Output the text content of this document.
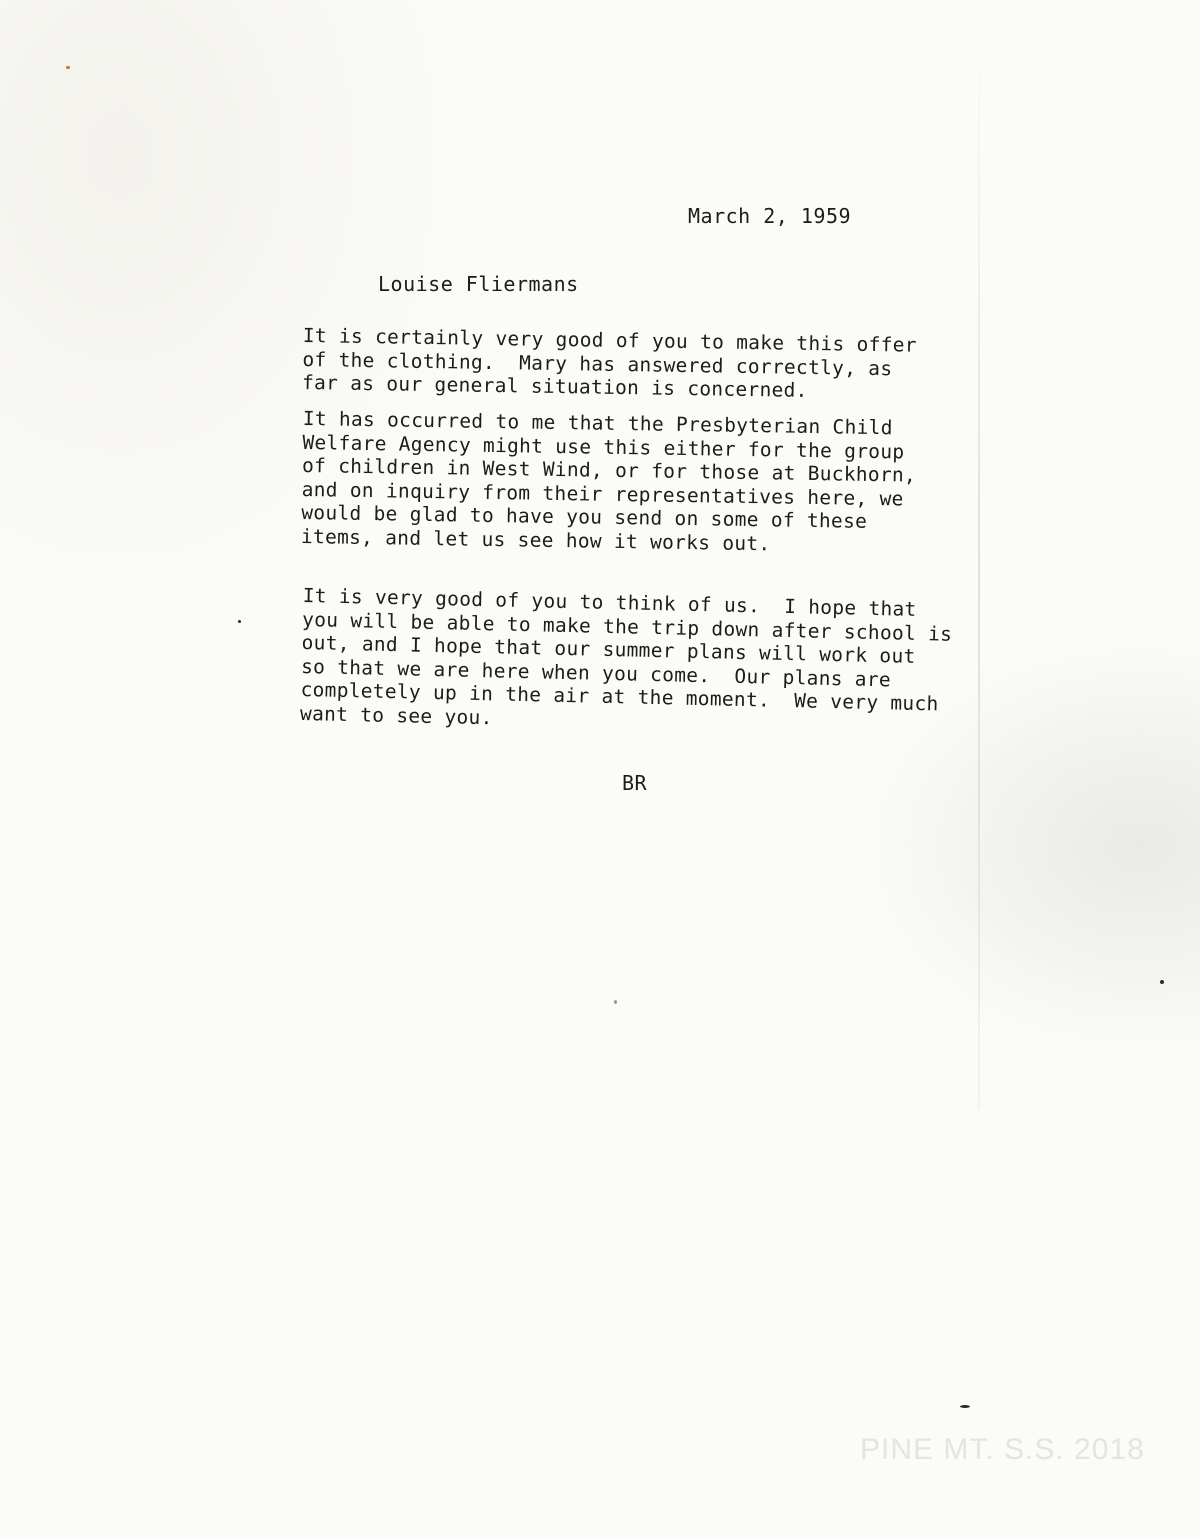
March 2, 1959
Louise Fliermans

It is certainly very good of you to make this offer
of the clothing.  Mary has answered correctly, as
far as our general situation is concerned.

It has occurred to me that the Presbyterian Child
Welfare Agency might use this either for the group
of children in West Wind, or for those at Buckhorn,
and on inquiry from their representatives here, we
would be glad to have you send on some of these
items, and let us see how it works out.

It is very good of you to think of us.  I hope that
you will be able to make the trip down after school is
out, and I hope that our summer plans will work out
so that we are here when you come.  Our plans are
completely up in the air at the moment.  We very much
want to see you.

BR
PINE MT. S.S. 2018
